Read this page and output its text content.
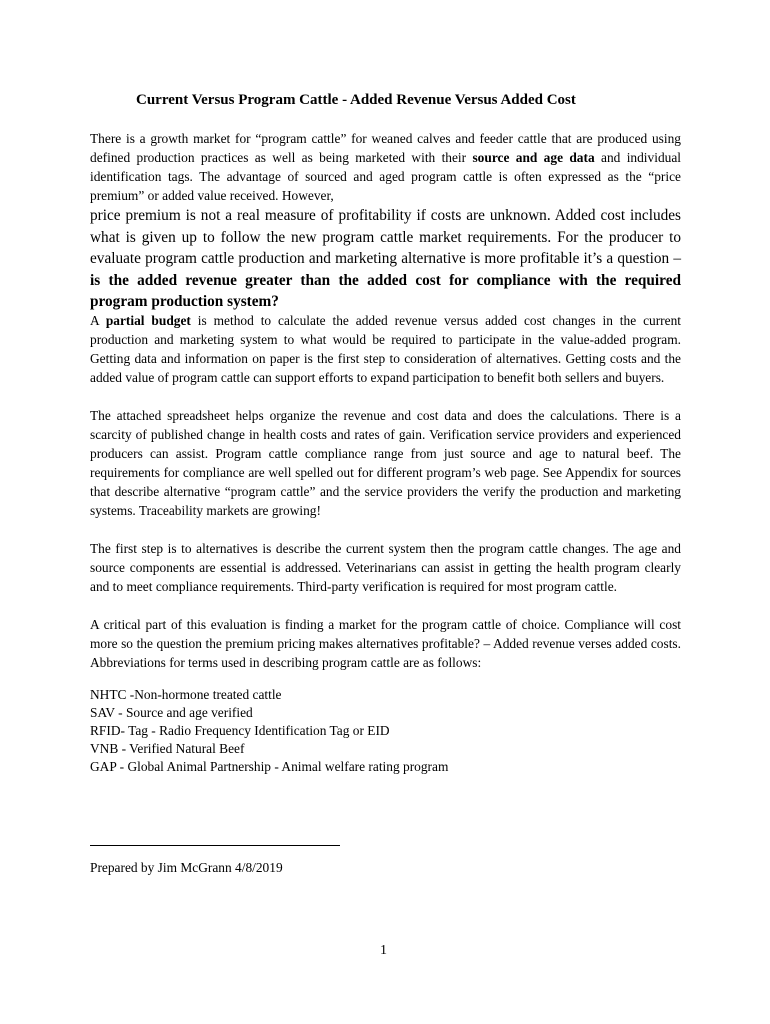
Current Versus Program Cattle - Added Revenue Versus Added Cost

There is a growth market for “program cattle” for weaned calves and feeder cattle that are produced using defined production practices as well as being marketed with their source and age data and individual identification tags. The advantage of sourced and aged program cattle is often expressed as the “price premium” or added value received. However,

price premium is not a real measure of profitability if costs are unknown. Added cost includes what is given up to follow the new program cattle market requirements. For the producer to evaluate program cattle production and marketing alternative is more profitable it’s a question – is the added revenue greater than the added cost for compliance with the required program production system?

A partial budget is method to calculate the added revenue versus added cost changes in the current production and marketing system to what would be required to participate in the value-added program. Getting data and information on paper is the first step to consideration of alternatives. Getting costs and the added value of program cattle can support efforts to expand participation to benefit both sellers and buyers.

The attached spreadsheet helps organize the revenue and cost data and does the calculations. There is a scarcity of published change in health costs and rates of gain. Verification service providers and experienced producers can assist. Program cattle compliance range from just source and age to natural beef. The requirements for compliance are well spelled out for different program’s web page. See Appendix for sources that describe alternative “program cattle” and the service providers the verify the production and marketing systems. Traceability markets are growing!

The first step is to alternatives is describe the current system then the program cattle changes. The age and source components are essential is addressed. Veterinarians can assist in getting the health program clearly and to meet compliance requirements. Third-party verification is required for most program cattle.

A critical part of this evaluation is finding a market for the program cattle of choice. Compliance will cost more so the question the premium pricing makes alternatives profitable? – Added revenue verses added costs. Abbreviations for terms used in describing program cattle are as follows:

NHTC -Non-hormone treated cattle
SAV - Source and age verified
RFID- Tag - Radio Frequency Identification Tag or EID
VNB - Verified Natural Beef
GAP - Global Animal Partnership - Animal welfare rating program
Prepared by Jim McGrann 4/8/2019
1
